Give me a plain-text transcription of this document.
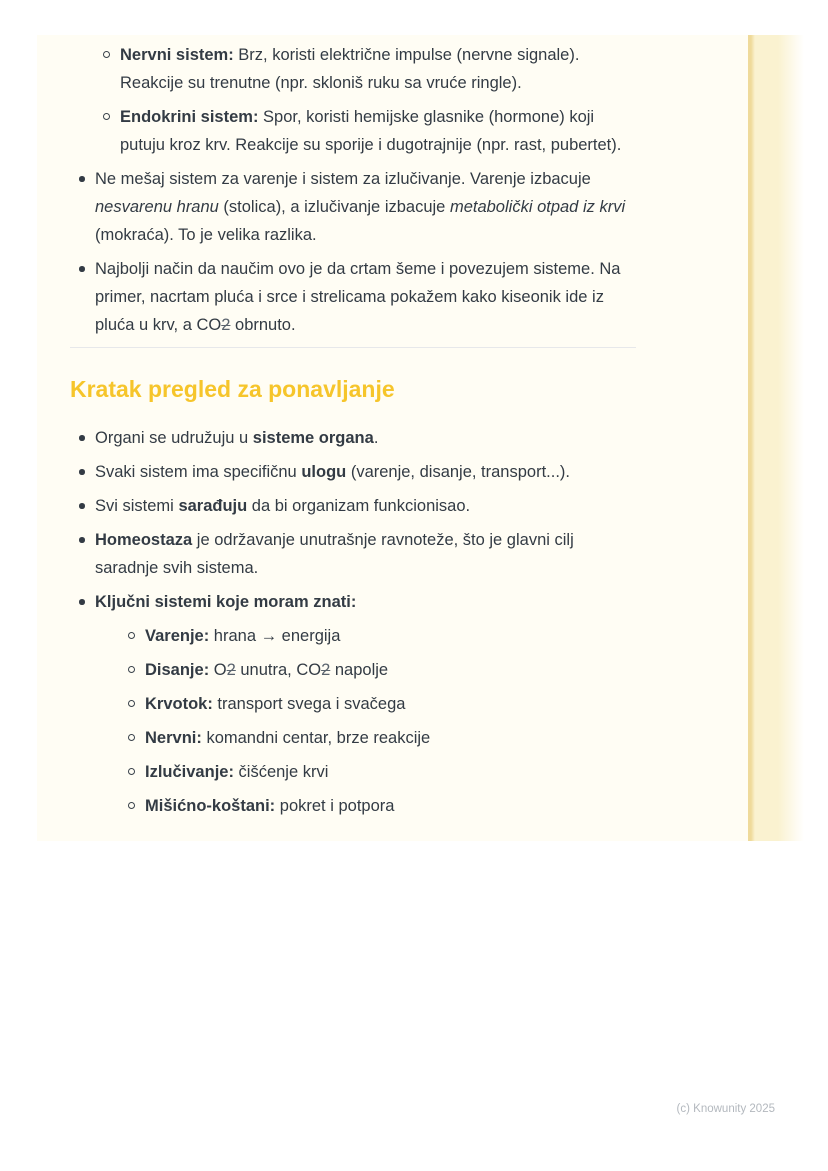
Nervni sistem: Brz, koristi električne impulse (nervne signale). Reakcije su trenutne (npr. skloniš ruku sa vruće ringle).
Endokrini sistem: Spor, koristi hemijske glasnike (hormone) koji putuju kroz krv. Reakcije su sporije i dugotrajnije (npr. rast, pubertet).
Ne mešaj sistem za varenje i sistem za izlučivanje. Varenje izbacuje nesvarenu hranu (stolica), a izlučivanje izbacuje metabolički otpad iz krvi (mokraća). To je velika razlika.
Najbolji način da naučim ovo je da crtam šeme i povezujem sisteme. Na primer, nacrtam pluća i srce i strelicama pokažem kako kiseonik ide iz pluća u krv, a CO2 obrnuto.
Kratak pregled za ponavljanje
Organi se udružuju u sisteme organa.
Svaki sistem ima specifičnu ulogu (varenje, disanje, transport...).
Svi sistemi sarađuju da bi organizam funkcionisao.
Homeostaza je održavanje unutrašnje ravnoteže, što je glavni cilj saradnje svih sistema.
Ključni sistemi koje moram znati:
Varenje: hrana → energija
Disanje: O2 unutra, CO2 napolje
Krvotok: transport svega i svačega
Nervni: komandni centar, brze reakcije
Izlučivanje: čišćenje krvi
Mišićno-koštani: pokret i potpora
(c) Knowunity 2025
